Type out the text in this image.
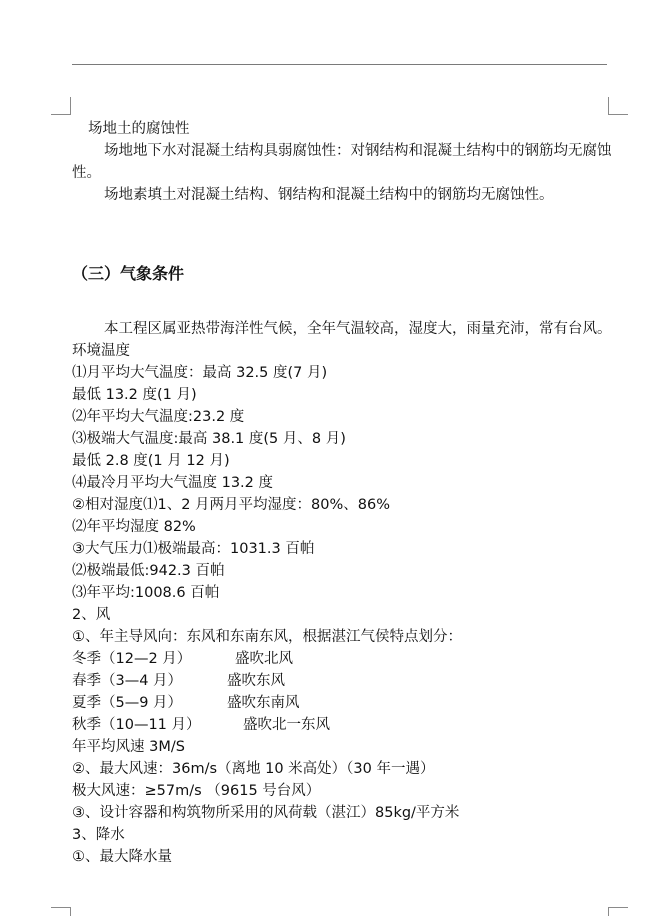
场地土的腐蚀性

场地地下水对混凝土结构具弱腐蚀性：对钢结构和混凝土结构中的钢筋均无腐蚀性。

场地素填土对混凝土结构、钢结构和混凝土结构中的钢筋均无腐蚀性。

（三）气象条件

本工程区属亚热带海洋性气候，全年气温较高，湿度大，雨量充沛，常有台风。

环境温度

⑴月平均大气温度：最高 32.5 度(7 月)

最低 13.2 度(1 月)

⑵年平均大气温度:23.2 度

⑶极端大气温度:最高 38.1 度(5 月、8 月)

最低 2.8 度(1 月 12 月)

⑷最冷月平均大气温度 13.2 度

②相对湿度⑴1、2 月两月平均湿度：80%、86%

⑵年平均湿度 82%

③大气压力⑴极端最高：1031.3 百帕

⑵极端最低:942.3 百帕

⑶年平均:1008.6 百帕

2、风

①、年主导风向：东风和东南东风，根据湛江气侯特点划分：

冬季（12—2 月）	盛吹北风

春季（3—4 月）	盛吹东风

夏季（5—9 月）	盛吹东南风

秋季（10—11 月）	盛吹北一东风

年平均风速 3M/S

②、最大风速：36m/s（离地 10 米高处）（30 年一遇）

极大风速：≥57m/s （9615 号台风）

③、设计容器和构筑物所采用的风荷载（湛江）85kg/平方米

3、降水

①、最大降水量
